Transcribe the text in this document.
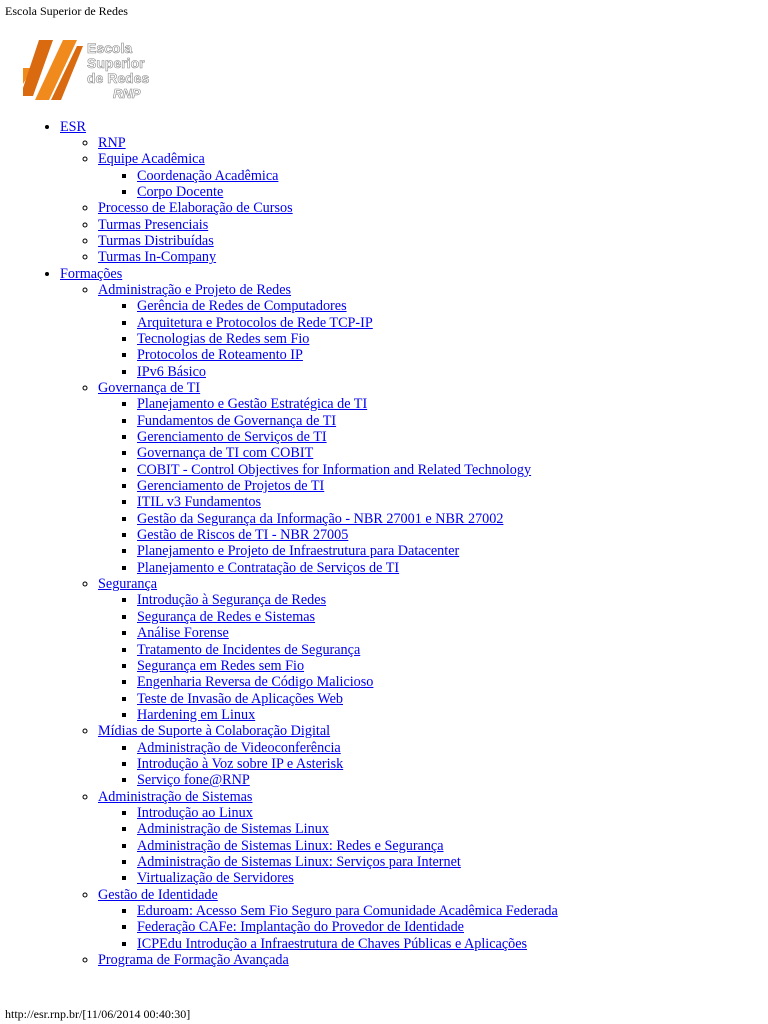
Escola Superior de Redes
Escola
Superior
de Redes
RNP
• ESR
◦ RNP
◦ Equipe Acadêmica
▪ Coordenação Acadêmica
▪ Corpo Docente
◦ Processo de Elaboração de Cursos
◦ Turmas Presenciais
◦ Turmas Distribuídas
◦ Turmas In-Company
• Formações
◦ Administração e Projeto de Redes
▪ Gerência de Redes de Computadores
▪ Arquitetura e Protocolos de Rede TCP-IP
▪ Tecnologias de Redes sem Fio
▪ Protocolos de Roteamento IP
▪ IPv6 Básico
◦ Governança de TI
▪ Planejamento e Gestão Estratégica de TI
▪ Fundamentos de Governança de TI
▪ Gerenciamento de Serviços de TI
▪ Governança de TI com COBIT
▪ COBIT - Control Objectives for Information and Related Technology
▪ Gerenciamento de Projetos de TI
▪ ITIL v3 Fundamentos
▪ Gestão da Segurança da Informação - NBR 27001 e NBR 27002
▪ Gestão de Riscos de TI - NBR 27005
▪ Planejamento e Projeto de Infraestrutura para Datacenter
▪ Planejamento e Contratação de Serviços de TI
◦ Segurança
▪ Introdução à Segurança de Redes
▪ Segurança de Redes e Sistemas
▪ Análise Forense
▪ Tratamento de Incidentes de Segurança
▪ Segurança em Redes sem Fio
▪ Engenharia Reversa de Código Malicioso
▪ Teste de Invasão de Aplicações Web
▪ Hardening em Linux
◦ Mídias de Suporte à Colaboração Digital
▪ Administração de Videoconferência
▪ Introdução à Voz sobre IP e Asterisk
▪ Serviço fone@RNP
◦ Administração de Sistemas
▪ Introdução ao Linux
▪ Administração de Sistemas Linux
▪ Administração de Sistemas Linux: Redes e Segurança
▪ Administração de Sistemas Linux: Serviços para Internet
▪ Virtualização de Servidores
◦ Gestão de Identidade
▪ Eduroam: Acesso Sem Fio Seguro para Comunidade Acadêmica Federada
▪ Federação CAFe: Implantação do Provedor de Identidade
▪ ICPEdu Introdução a Infraestrutura de Chaves Públicas e Aplicações
◦ Programa de Formação Avançada
http://esr.rnp.br/[11/06/2014 00:40:30]
